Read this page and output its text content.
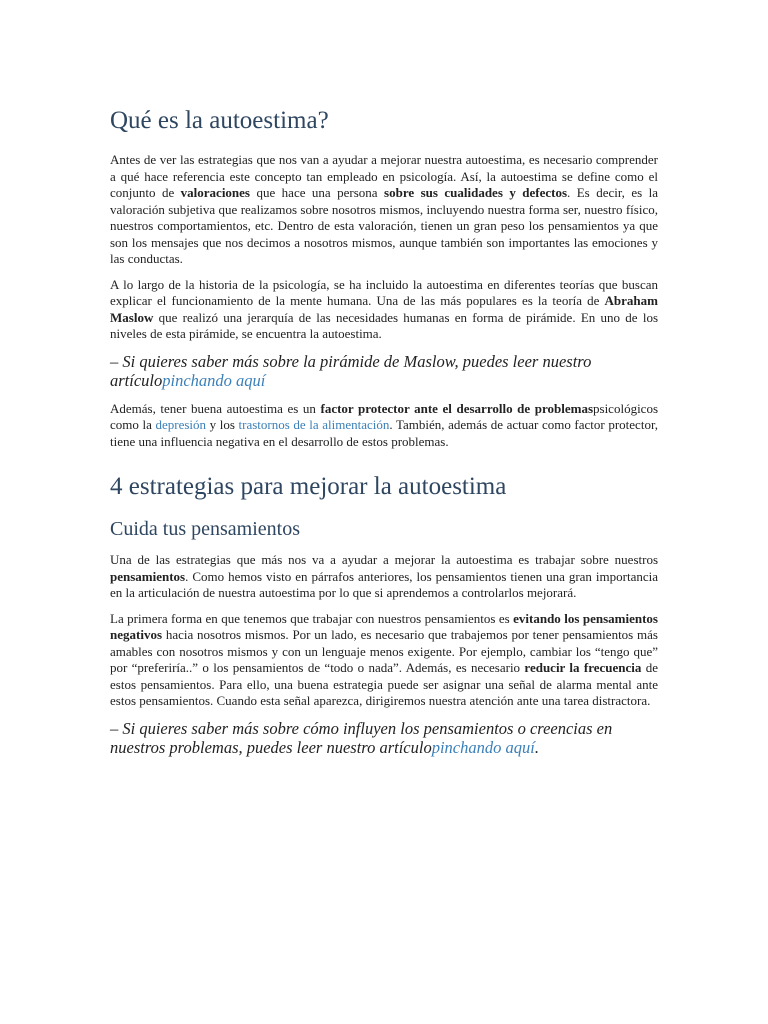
Qué es la autoestima?

Antes de ver las estrategias que nos van a ayudar a mejorar nuestra autoestima, es necesario comprender a qué hace referencia este concepto tan empleado en psicología. Así, la autoestima se define como el conjunto de valoraciones que hace una persona sobre sus cualidades y defectos. Es decir, es la valoración subjetiva que realizamos sobre nosotros mismos, incluyendo nuestra forma ser, nuestro físico, nuestros comportamientos, etc. Dentro de esta valoración, tienen un gran peso los pensamientos ya que son los mensajes que nos decimos a nosotros mismos, aunque también son importantes las emociones y las conductas.

A lo largo de la historia de la psicología, se ha incluido la autoestima en diferentes teorías que buscan explicar el funcionamiento de la mente humana. Una de las más populares es la teoría de Abraham Maslow que realizó una jerarquía de las necesidades humanas en forma de pirámide. En uno de los niveles de esta pirámide, se encuentra la autoestima.

– Si quieres saber más sobre la pirámide de Maslow, puedes leer nuestro artículopinchando aquí

Además, tener buena autoestima es un factor protector ante el desarrollo de problemaspsicológicos como la depresión y los trastornos de la alimentación. También, además de actuar como factor protector, tiene una influencia negativa en el desarrollo de estos problemas.

4 estrategias para mejorar la autoestima
Cuida tus pensamientos

Una de las estrategias que más nos va a ayudar a mejorar la autoestima es trabajar sobre nuestros pensamientos. Como hemos visto en párrafos anteriores, los pensamientos tienen una gran importancia en la articulación de nuestra autoestima por lo que si aprendemos a controlarlos mejorará.

La primera forma en que tenemos que trabajar con nuestros pensamientos es evitando los pensamientos negativos hacia nosotros mismos. Por un lado, es necesario que trabajemos por tener pensamientos más amables con nosotros mismos y con un lenguaje menos exigente. Por ejemplo, cambiar los “tengo que” por “preferiría..” o los pensamientos de “todo o nada”. Además, es necesario reducir la frecuencia de estos pensamientos. Para ello, una buena estrategia puede ser asignar una señal de alarma mental ante estos pensamientos. Cuando esta señal aparezca, dirigiremos nuestra atención ante una tarea distractora.

– Si quieres saber más sobre cómo influyen los pensamientos o creencias en nuestros problemas, puedes leer nuestro artículopinchando aquí.
